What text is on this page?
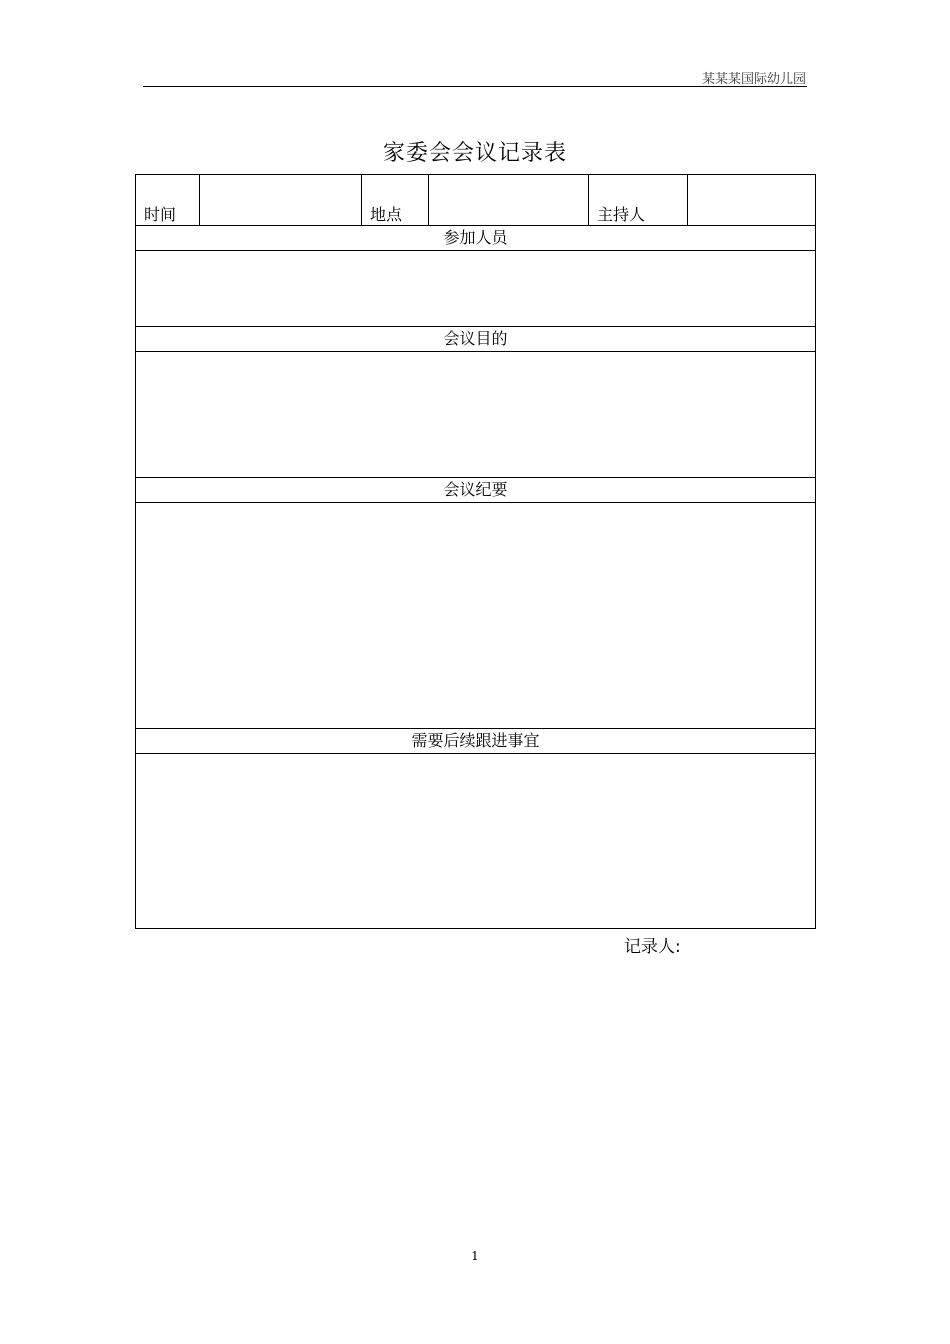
某某某国际幼儿园
家委会会议记录表
时间		地点		主持人	
参加人员

会议目的

会议纪要

需要后续跟进事宜

记录人:
1
